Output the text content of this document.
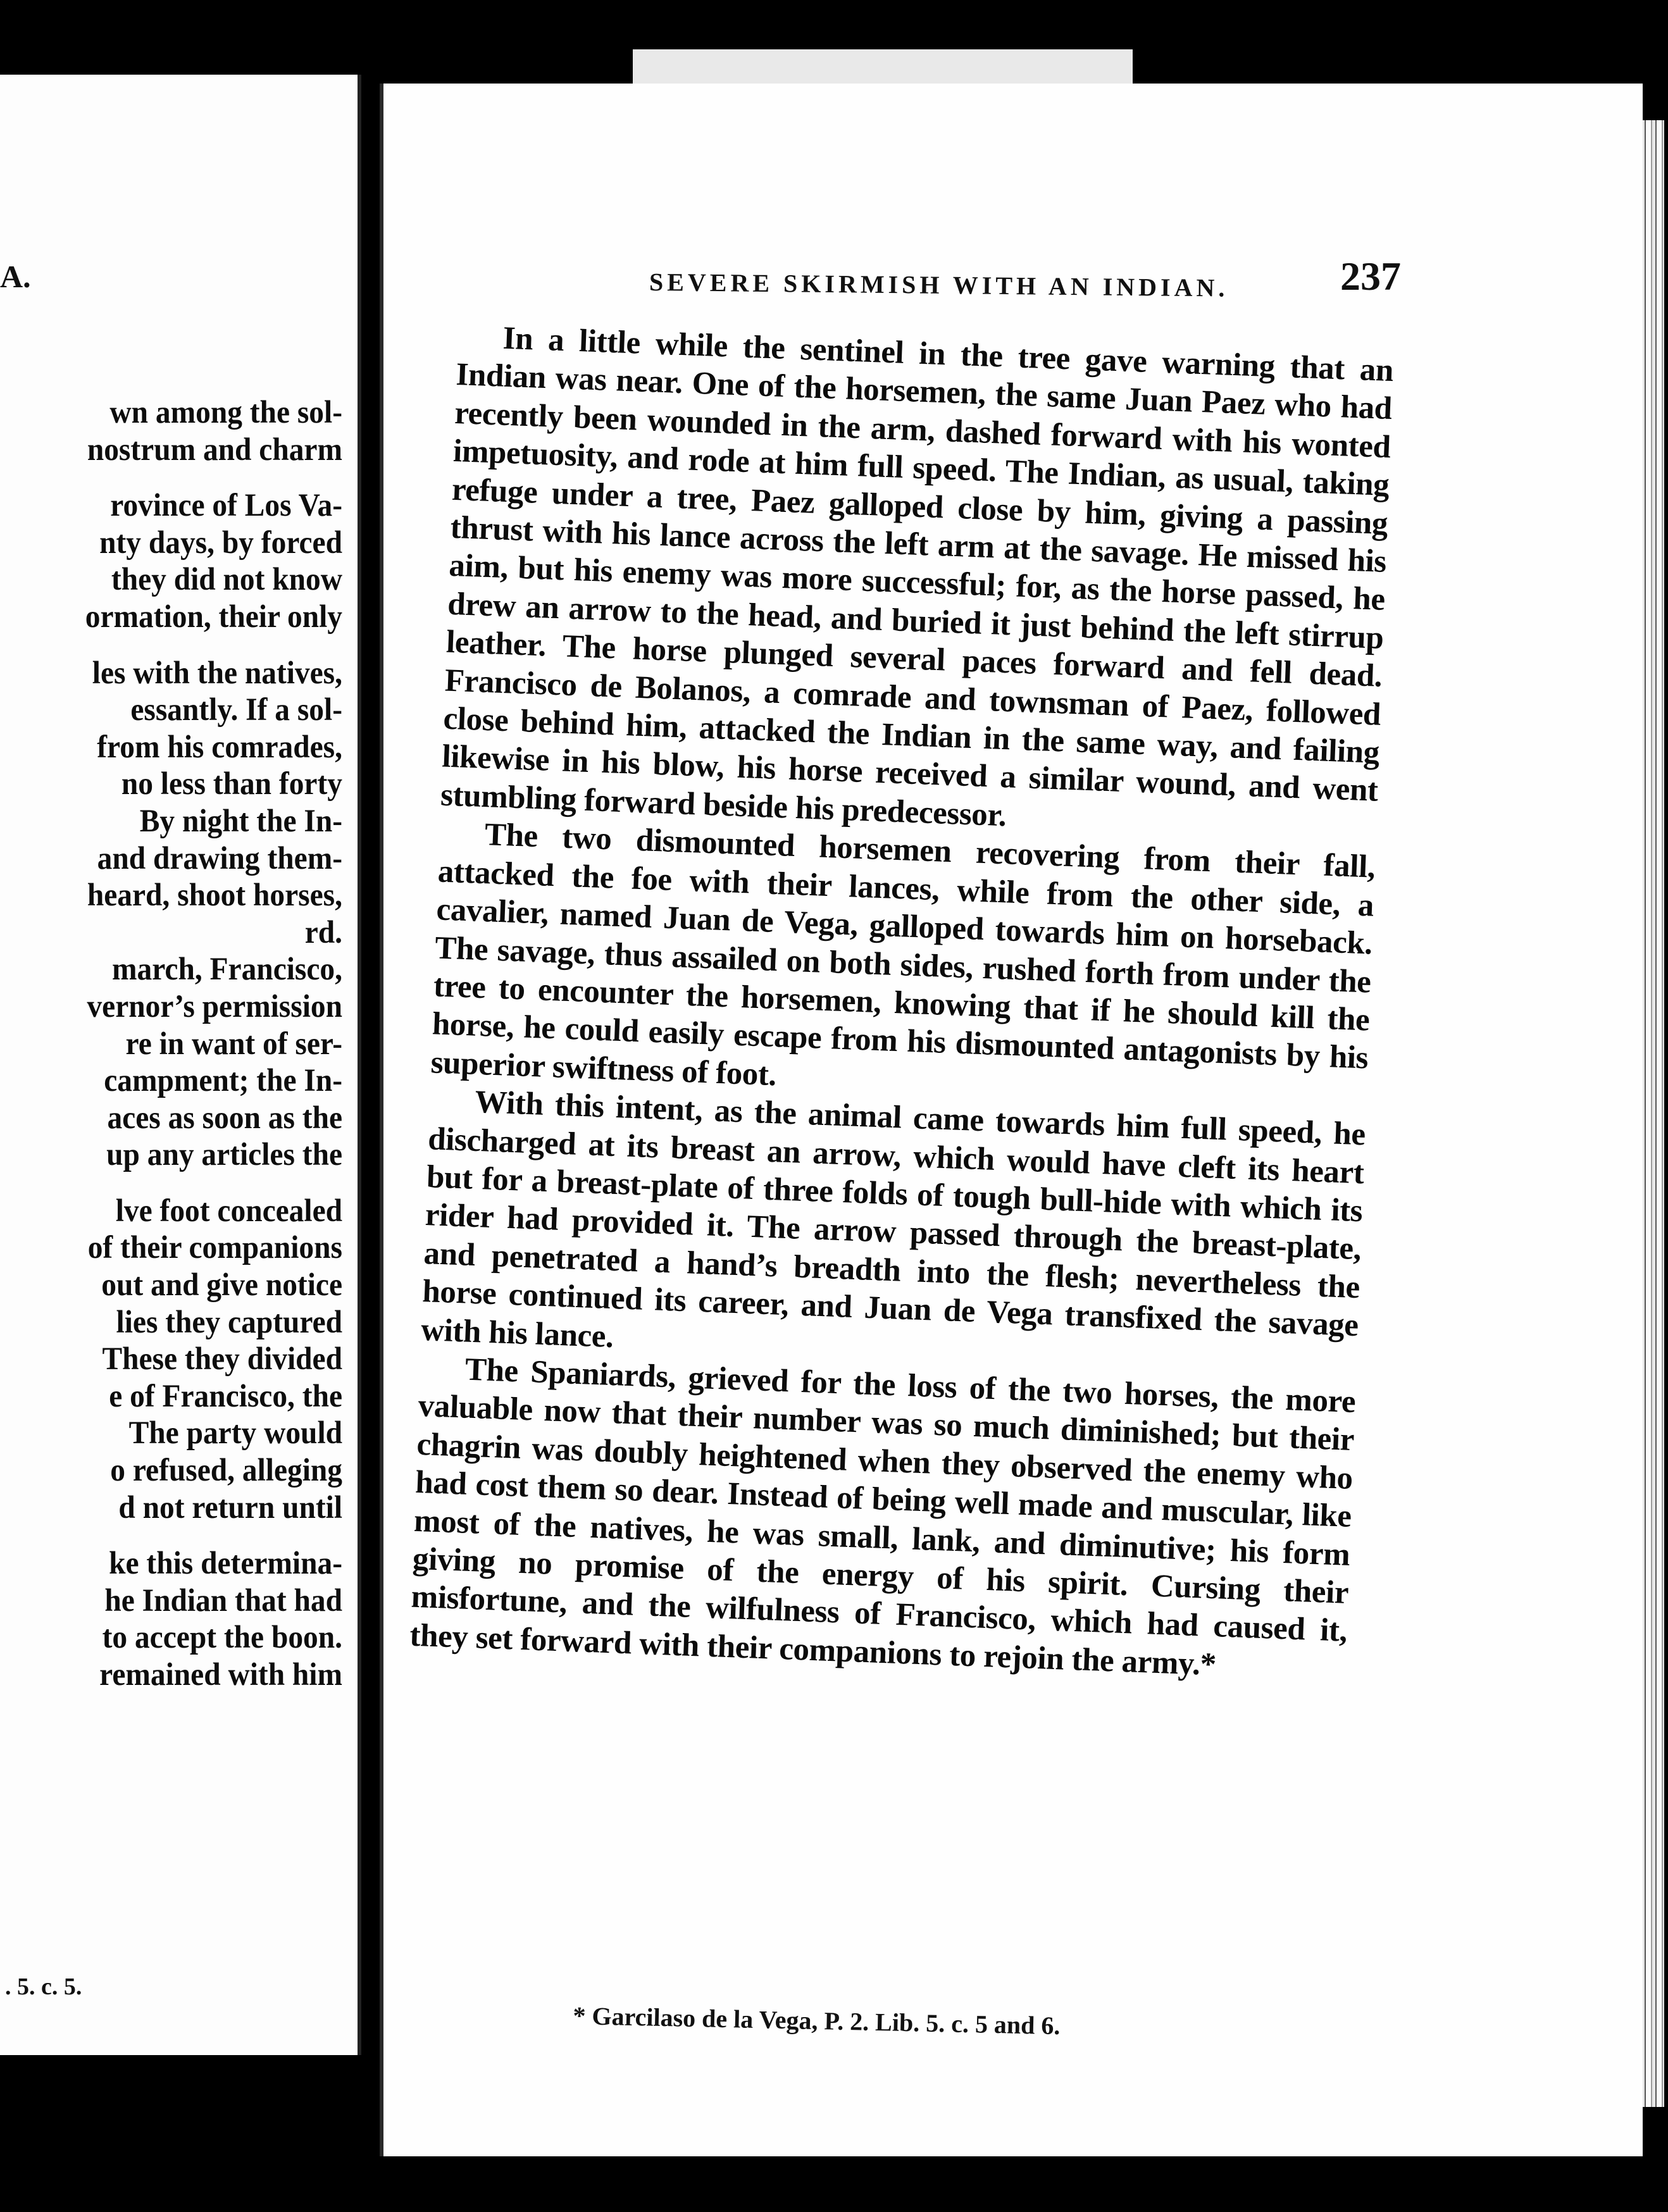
A.
wn among the sol-
nostrum and charm
rovince of Los Va-
nty days, by forced
they did not know
ormation, their only
les with the natives,
essantly. If a sol-
from his comrades,
no less than forty
By night the In-
and drawing them-
heard, shoot horses,
rd.
march, Francisco,
vernor’s permission
re in want of ser-
campment; the In-
aces as soon as the
up any articles the
lve foot concealed
of their companions
out and give notice
lies they captured
These they divided
e of Francisco, the
The party would
o refused, alleging
d not return until
ke this determina-
he Indian that had
to accept the boon.
remained with him
. 5. c. 5.
SEVERE SKIRMISH WITH AN INDIAN.	237

In a little while the sentinel in the tree gave warning that an Indian was near. One of the horsemen, the same Juan Paez who had recently been wounded in the arm, dashed forward with his wonted impetuosity, and rode at him full speed. The Indian, as usual, taking refuge under a tree, Paez galloped close by him, giving a passing thrust with his lance across the left arm at the savage. He missed his aim, but his enemy was more successful; for, as the horse passed, he drew an arrow to the head, and buried it just behind the left stirrup leather. The horse plunged several paces forward and fell dead. Francisco de Bolanos, a comrade and townsman of Paez, followed close behind him, attacked the Indian in the same way, and failing likewise in his blow, his horse received a similar wound, and went stumbling forward beside his predecessor.

The two dismounted horsemen recovering from their fall, attacked the foe with their lances, while from the other side, a cavalier, named Juan de Vega, galloped towards him on horseback. The savage, thus assailed on both sides, rushed forth from under the tree to encounter the horsemen, knowing that if he should kill the horse, he could easily escape from his dismounted antagonists by his superior swiftness of foot.

With this intent, as the animal came towards him full speed, he discharged at its breast an arrow, which would have cleft its heart but for a breast-plate of three folds of tough bull-hide with which its rider had provided it. The arrow passed through the breast-plate, and penetrated a hand’s breadth into the flesh; nevertheless the horse continued its career, and Juan de Vega transfixed the savage with his lance.

The Spaniards, grieved for the loss of the two horses, the more valuable now that their number was so much diminished; but their chagrin was doubly heightened when they observed the enemy who had cost them so dear. Instead of being well made and muscular, like most of the natives, he was small, lank, and diminutive; his form giving no promise of the energy of his spirit. Cursing their misfortune, and the wilfulness of Francisco, which had caused it, they set forward with their companions to rejoin the army.*

* Garcilaso de la Vega, P. 2. Lib. 5. c. 5 and 6.
